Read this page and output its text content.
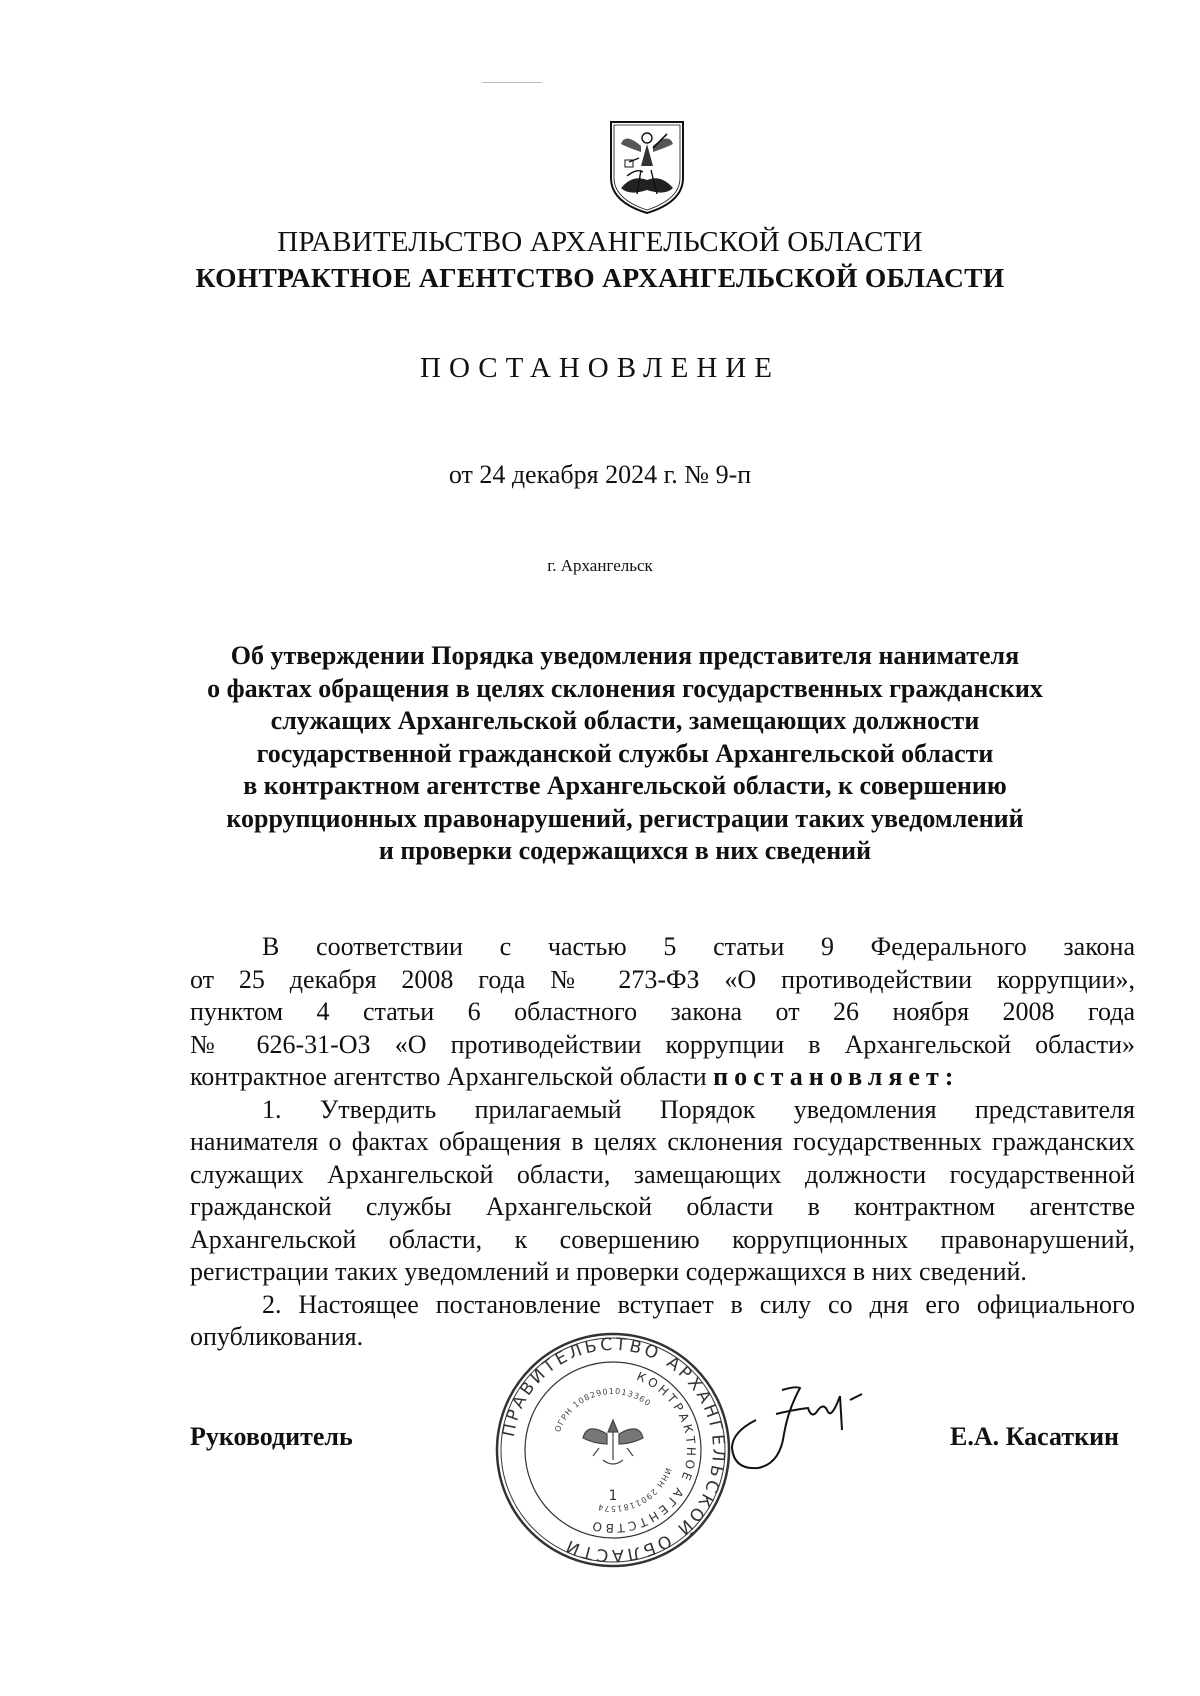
ПРАВИТЕЛЬСТВО АРХАНГЕЛЬСКОЙ ОБЛАСТИ
КОНТРАКТНОЕ АГЕНТСТВО АРХАНГЕЛЬСКОЙ ОБЛАСТИ
ПОСТАНОВЛЕНИЕ
от 24 декабря 2024 г. № 9-п
г. Архангельск
Об утверждении Порядка уведомления представителя нанимателя
о фактах обращения в целях склонения государственных гражданских
служащих Архангельской области, замещающих должности
государственной гражданской службы Архангельской области
в контрактном агентстве Архангельской области, к совершению
коррупционных правонарушений, регистрации таких уведомлений
и проверки содержащихся в них сведений
В соответствии с частью 5 статьи 9 Федерального закона
от 25 декабря 2008 года № 273-ФЗ «О противодействии коррупции»,
пунктом 4 статьи 6 областного закона от 26 ноября 2008 года
№ 626-31-ОЗ «О противодействии коррупции в Архангельской области»
контрактное агентство Архангельской области постановляет:
1. Утвердить прилагаемый Порядок уведомления представителя
нанимателя о фактах обращения в целях склонения государственных гражданских
служащих Архангельской области, замещающих должности государственной
гражданской службы Архангельской области в контрактном агентстве
Архангельской области, к совершению коррупционных правонарушений,
регистрации таких уведомлений и проверки содержащихся в них сведений.
2. Настоящее постановление вступает в силу со дня его официального
опубликования.
ПРАВИТЕЛЬСТВО АРХАНГЕЛЬСКОЙ ОБЛАСТИ
КОНТРАКТНОЕ АГЕНТСТВО
ОГРН 1082901013360
ИНН 2901181574
1
Руководитель	Е.А. Касаткин
